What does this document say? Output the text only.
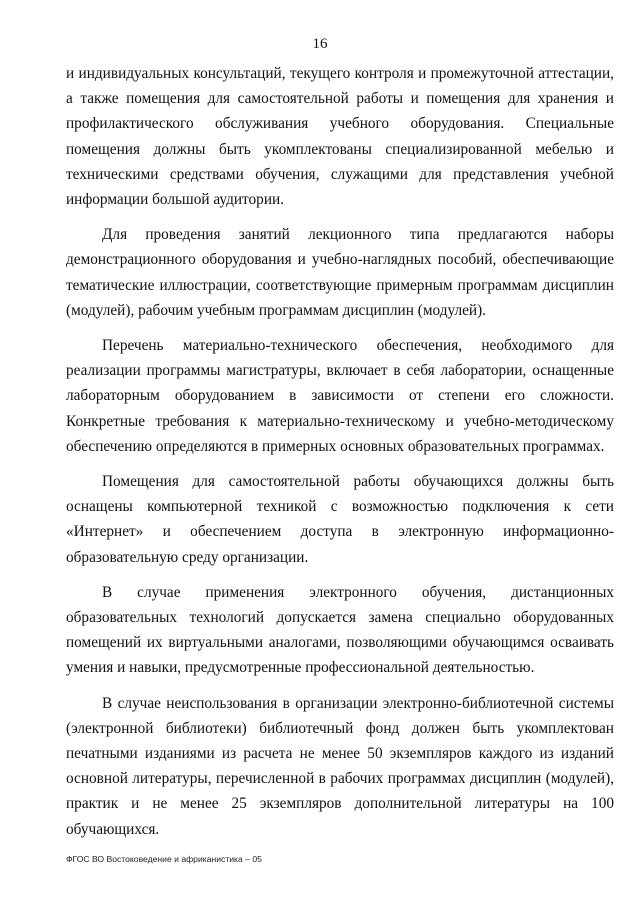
16

и индивидуальных консультаций, текущего контроля и промежуточной аттестации, а также помещения для самостоятельной работы и помещения для хранения и профилактического обслуживания учебного оборудования. Специальные помещения должны быть укомплектованы специализированной мебелью и техническими средствами обучения, служащими для представления учебной информации большой аудитории.

Для проведения занятий лекционного типа предлагаются наборы демонстрационного оборудования и учебно-наглядных пособий, обеспечивающие тематические иллюстрации, соответствующие примерным программам дисциплин (модулей), рабочим учебным программам дисциплин (модулей).

Перечень материально-технического обеспечения, необходимого для реализации программы магистратуры, включает в себя лаборатории, оснащенные лабораторным оборудованием в зависимости от степени его сложности. Конкретные требования к материально-техническому и учебно-методическому обеспечению определяются в примерных основных образовательных программах.

Помещения для самостоятельной работы обучающихся должны быть оснащены компьютерной техникой с возможностью подключения к сети «Интернет» и обеспечением доступа в электронную информационно-образовательную среду организации.

В случае применения электронного обучения, дистанционных образовательных технологий допускается замена специально оборудованных помещений их виртуальными аналогами, позволяющими обучающимся осваивать умения и навыки, предусмотренные профессиональной деятельностью.

В случае неиспользования в организации электронно-библиотечной системы (электронной библиотеки) библиотечный фонд должен быть укомплектован печатными изданиями из расчета не менее 50 экземпляров каждого из изданий основной литературы, перечисленной в рабочих программах дисциплин (модулей), практик и не менее 25 экземпляров дополнительной литературы на 100 обучающихся.

ФГОС ВО Востоковедение и африканистика – 05
